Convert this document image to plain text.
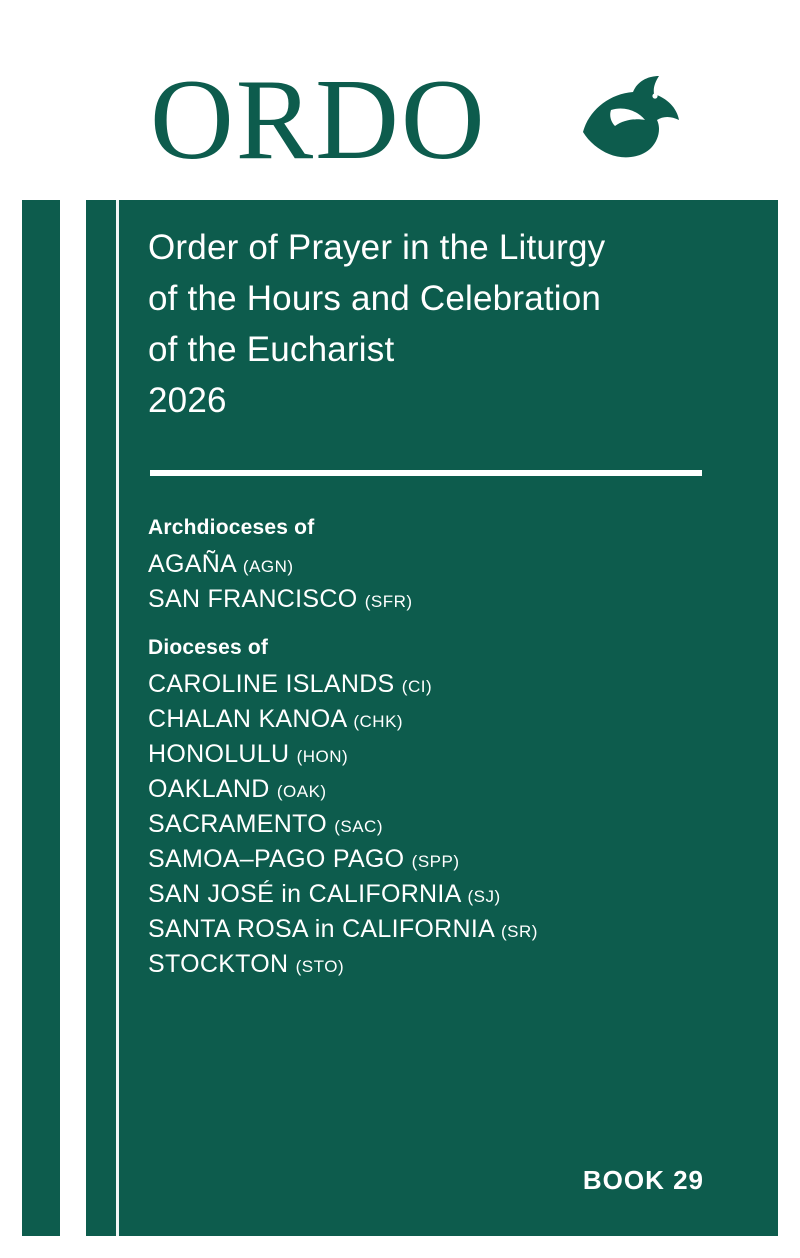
ORDO
Order of Prayer in the Liturgy
of the Hours and Celebration
of the Eucharist

2026
Archdioceses of
AGAÑA (AGN)
SAN FRANCISCO (SFR)
Dioceses of
CAROLINE ISLANDS (CI)
CHALAN KANOA (CHK)
HONOLULU (HON)
OAKLAND (OAK)
SACRAMENTO (SAC)
SAMOA–PAGO PAGO (SPP)
SAN JOSÉ in CALIFORNIA (SJ)
SANTA ROSA in CALIFORNIA (SR)
STOCKTON (STO)
BOOK 29
